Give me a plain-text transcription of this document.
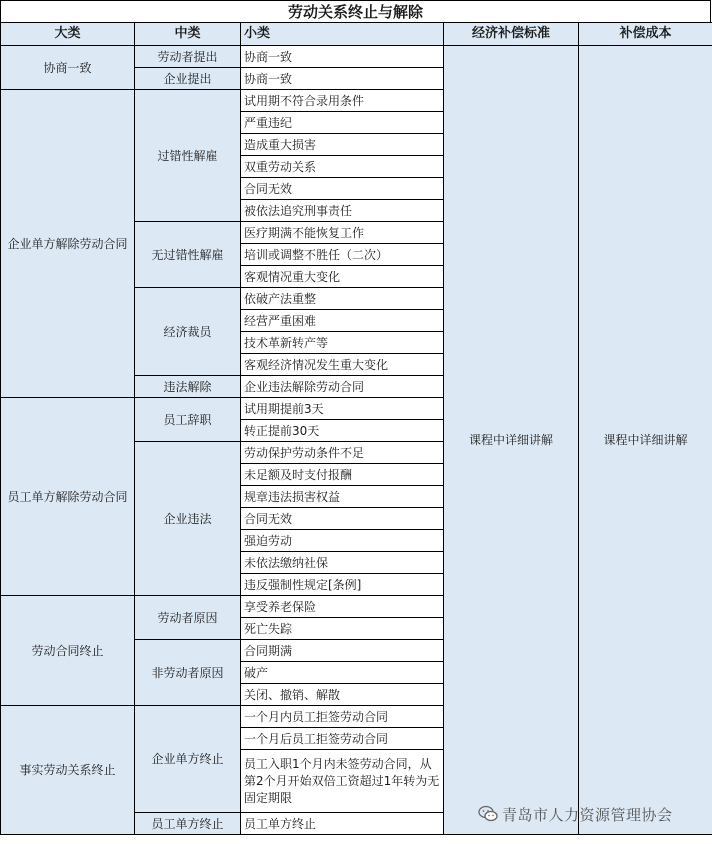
劳动关系终止与解除
大类	中类	小类	经济补偿标准	补偿成本
协商一致	劳动者提出	协商一致	课程中详细讲解	课程中详细讲解
	企业提出	协商一致		
企业单方解除劳动合同	过错性解雇	试用期不符合录用条件		
		严重违纪		
		造成重大损害		
		双重劳动关系		
		合同无效		
		被依法追究刑事责任		
	无过错性解雇	医疗期满不能恢复工作		
		培训或调整不胜任（二次）		
		客观情况重大变化		
	经济裁员	依破产法重整		
		经营严重困难		
		技术革新转产等		
		客观经济情况发生重大变化		
	违法解除	企业违法解除劳动合同		
员工单方解除劳动合同	员工辞职	试用期提前3天		
		转正提前30天		
	企业违法	劳动保护劳动条件不足		
		未足额及时支付报酬		
		规章违法损害权益		
		合同无效		
		强迫劳动		
		未依法缴纳社保		
		违反强制性规定[条例]		
劳动合同终止	劳动者原因	享受养老保险		
		死亡失踪		
	非劳动者原因	合同期满		
		破产		
		关闭、撤销、解散		
事实劳动关系终止	企业单方终止	一个月内员工拒签劳动合同		
		一个月后员工拒签劳动合同		
		员工入职1个月内未签劳动合同，从第2个月开始双倍工资超过1年转为无固定期限		
	员工单方终止	员工单方终止			青岛市人力资源管理协会
